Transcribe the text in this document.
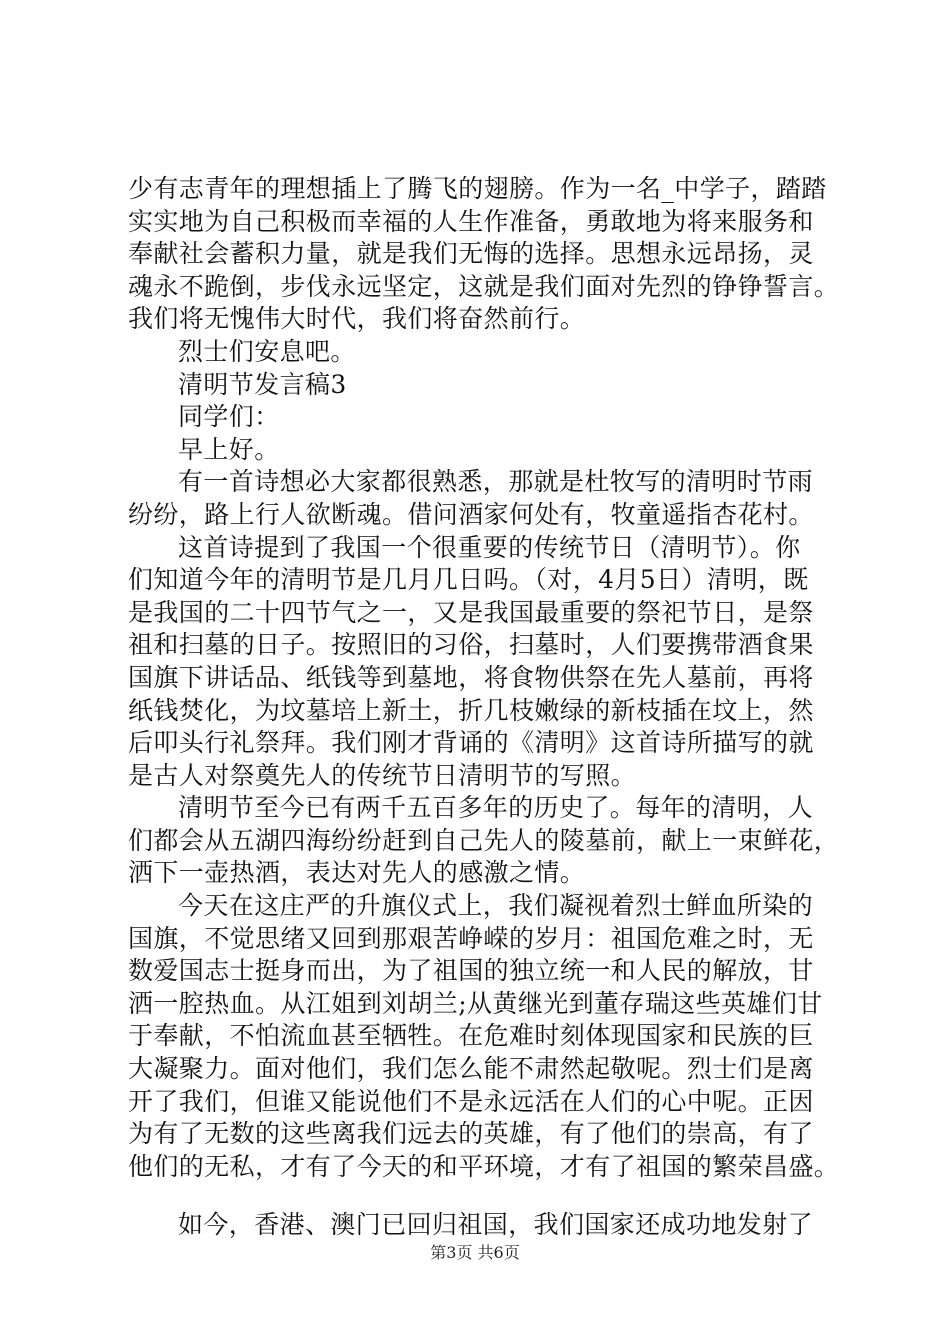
少有志青年的理想插上了腾飞的翅膀。作为一名_中学子，踏踏
实实地为自己积极而幸福的人生作准备，勇敢地为将来服务和
奉献社会蓄积力量，就是我们无悔的选择。思想永远昂扬，灵
魂永不跪倒，步伐永远坚定，这就是我们面对先烈的铮铮誓言。
我们将无愧伟大时代，我们将奋然前行。
烈士们安息吧。
清明节发言稿3
同学们：
早上好。
有一首诗想必大家都很熟悉，那就是杜牧写的清明时节雨
纷纷，路上行人欲断魂。借问酒家何处有，牧童遥指杏花村。
这首诗提到了我国一个很重要的传统节日（清明节）。你
们知道今年的清明节是几月几日吗。（对，4月5日）清明，既
是我国的二十四节气之一，又是我国最重要的祭祀节日，是祭
祖和扫墓的日子。按照旧的习俗，扫墓时，人们要携带酒食果
国旗下讲话品、纸钱等到墓地，将食物供祭在先人墓前，再将
纸钱焚化，为坟墓培上新土，折几枝嫩绿的新枝插在坟上，然
后叩头行礼祭拜。我们刚才背诵的《清明》这首诗所描写的就
是古人对祭奠先人的传统节日清明节的写照。
清明节至今已有两千五百多年的历史了。每年的清明，人
们都会从五湖四海纷纷赶到自己先人的陵墓前，献上一束鲜花，
洒下一壶热酒，表达对先人的感激之情。
今天在这庄严的升旗仪式上，我们凝视着烈士鲜血所染的
国旗，不觉思绪又回到那艰苦峥嵘的岁月：祖国危难之时，无
数爱国志士挺身而出，为了祖国的独立统一和人民的解放，甘
洒一腔热血。从江姐到刘胡兰;从黄继光到董存瑞这些英雄们甘
于奉献，不怕流血甚至牺牲。在危难时刻体现国家和民族的巨
大凝聚力。面对他们，我们怎么能不肃然起敬呢。烈士们是离
开了我们，但谁又能说他们不是永远活在人们的心中呢。正因
为有了无数的这些离我们远去的英雄，有了他们的崇高，有了
他们的无私，才有了今天的和平环境，才有了祖国的繁荣昌盛。
如今，香港、澳门已回归祖国，我们国家还成功地发射了
第3页 共6页
